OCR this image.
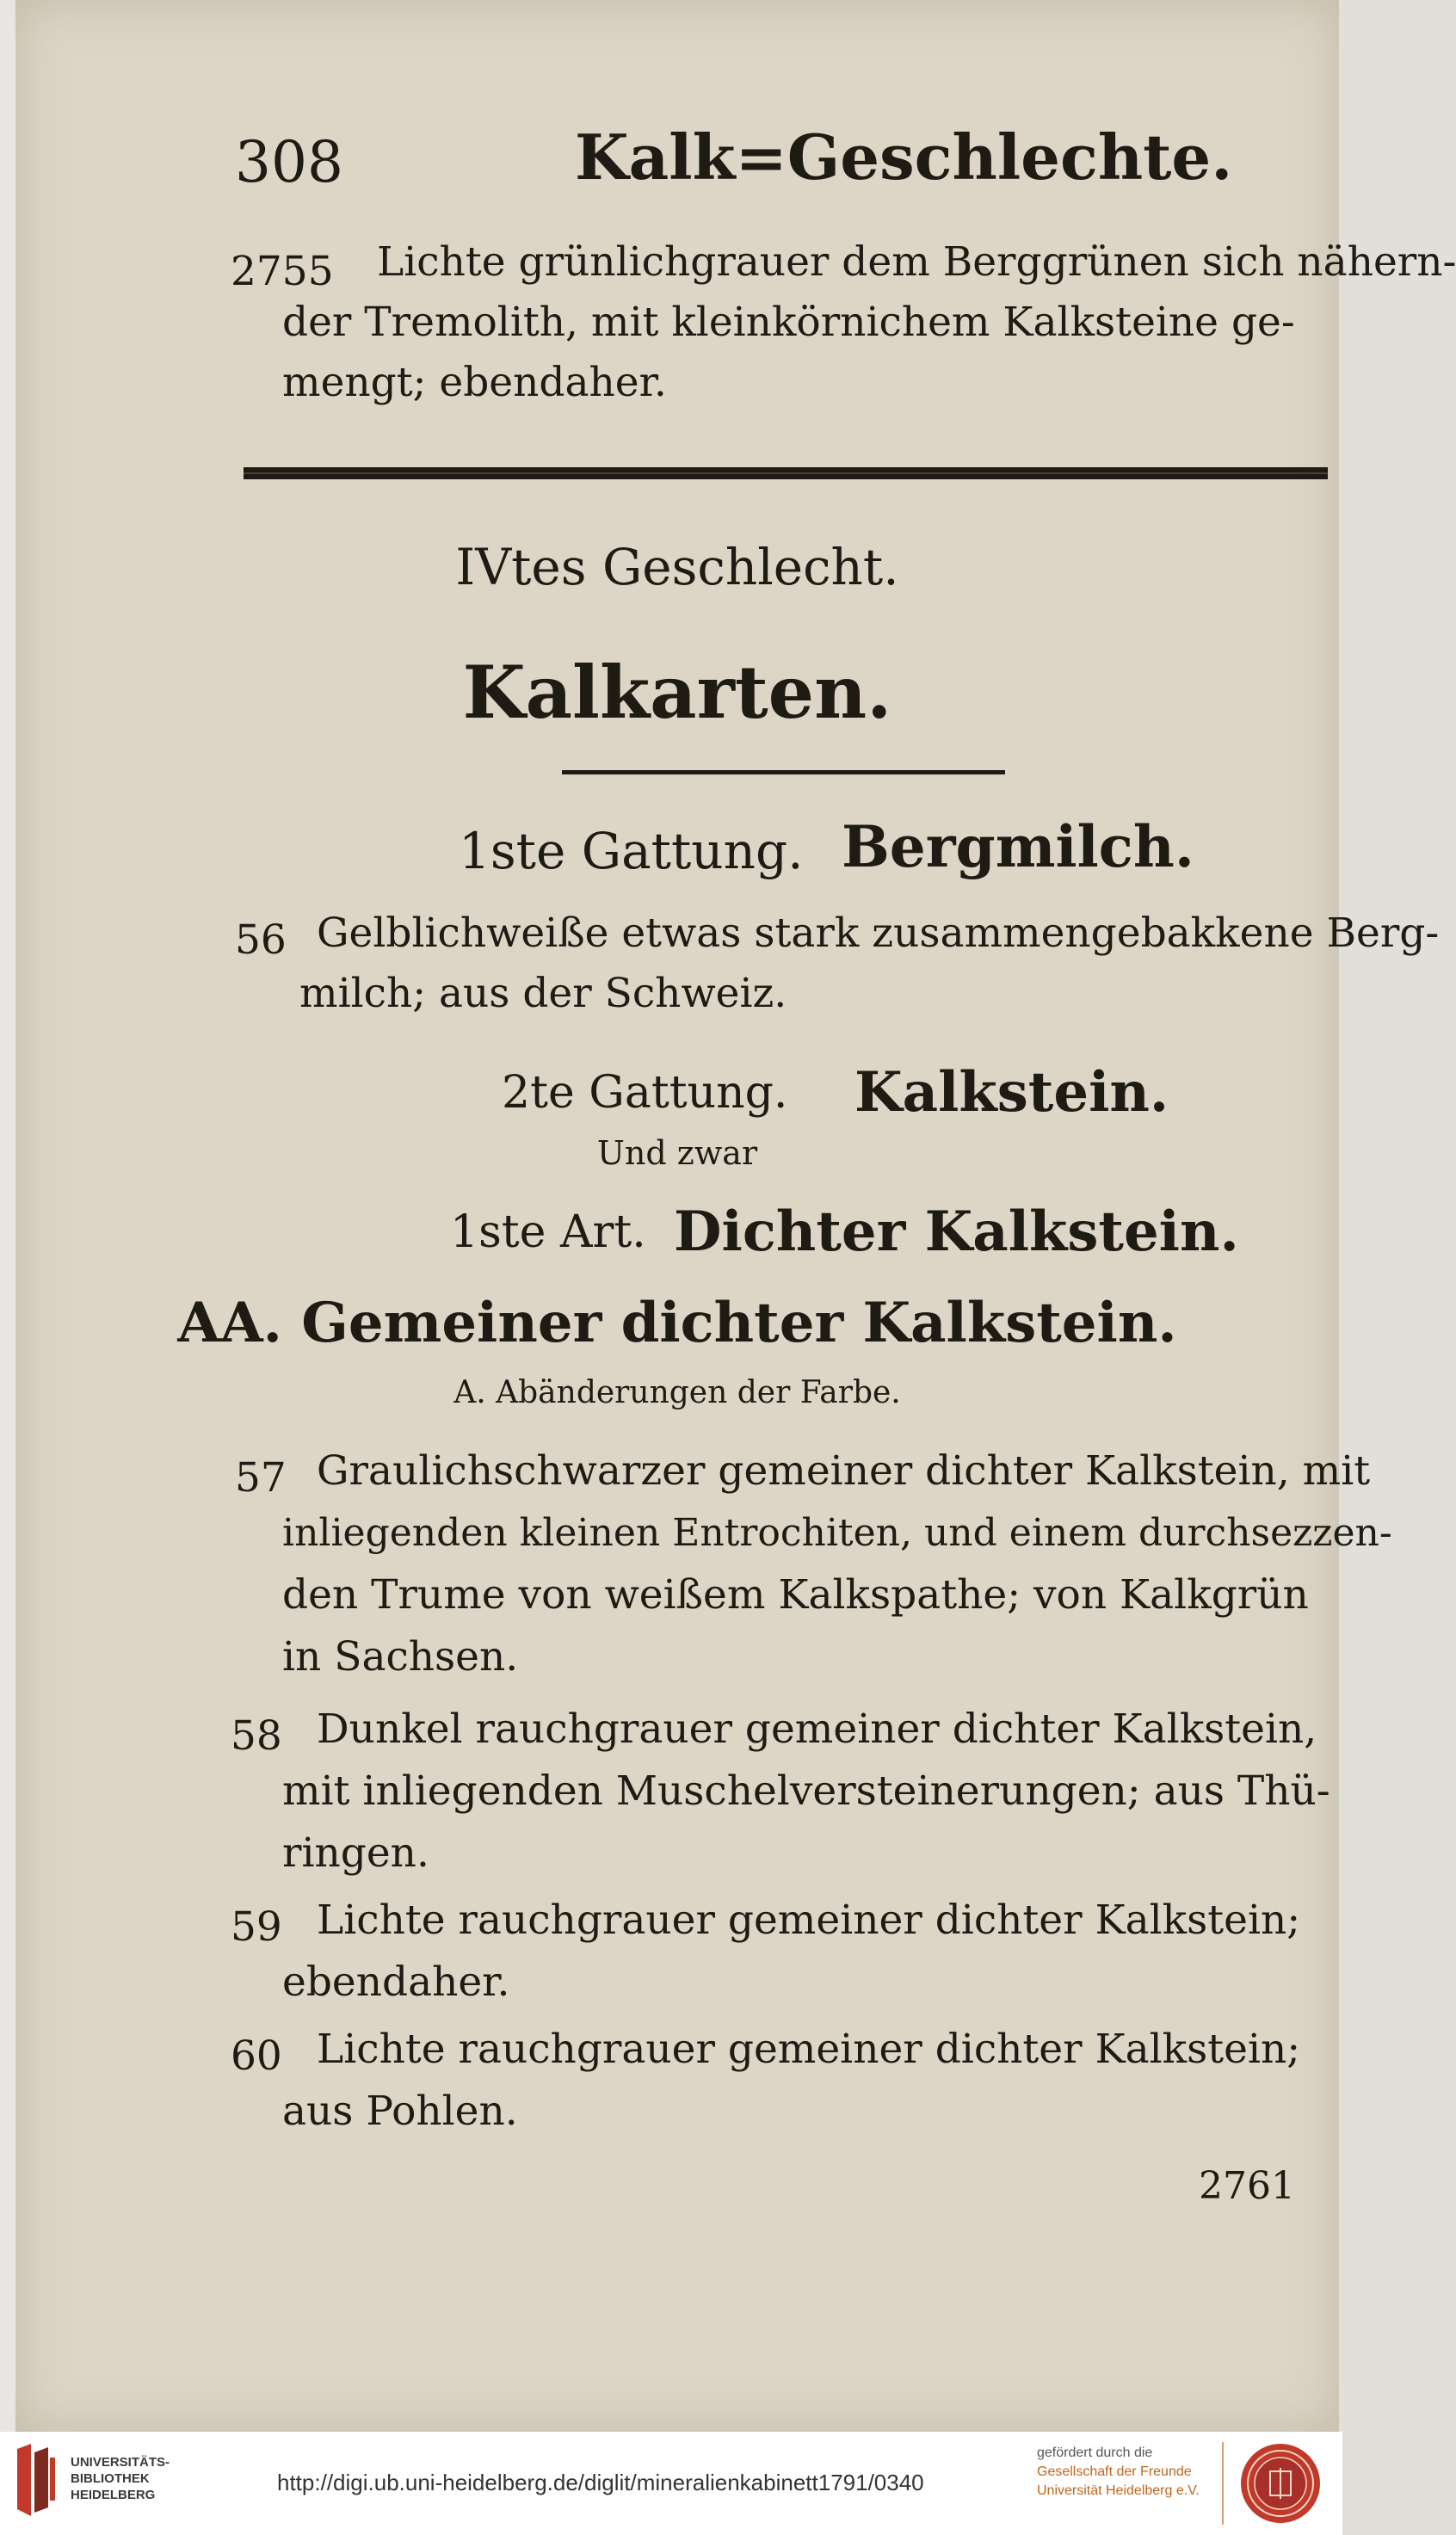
308	Kalk=Geschlechte.
2755 Lichte grünlichgrauer dem Berggrünen sich nähern-
der Tremolith, mit kleinkörnichem Kalksteine ge-
mengt; ebendaher.
IVtes Geschlecht.
Kalkarten.
1ste Gattung. Bergmilch.
56 Gelblichweiße etwas stark zusammengebakkene Berg-
milch; aus der Schweiz.
2te Gattung. Kalkstein.
Und zwar
1ste Art. Dichter Kalkstein.
AA. Gemeiner dichter Kalkstein.
A. Abänderungen der Farbe.
57 Graulichschwarzer gemeiner dichter Kalkstein, mit
inliegenden kleinen Entrochiten, und einem durchsezzen-
den Trume von weißem Kalkspathe; von Kalkgrün
in Sachsen.
58 Dunkel rauchgrauer gemeiner dichter Kalkstein,
mit inliegenden Muschelversteinerungen; aus Thü-
ringen.
59 Lichte rauchgrauer gemeiner dichter Kalkstein;
ebendaher.
60 Lichte rauchgrauer gemeiner dichter Kalkstein;
aus Pohlen.
2761
UNIVERSITÄTS-
BIBLIOTHEK
HEIDELBERG	http://digi.ub.uni-heidelberg.de/diglit/mineralienkabinett1791/0340
gefördert durch die
Gesellschaft der Freunde
Universität Heidelberg e.V.
